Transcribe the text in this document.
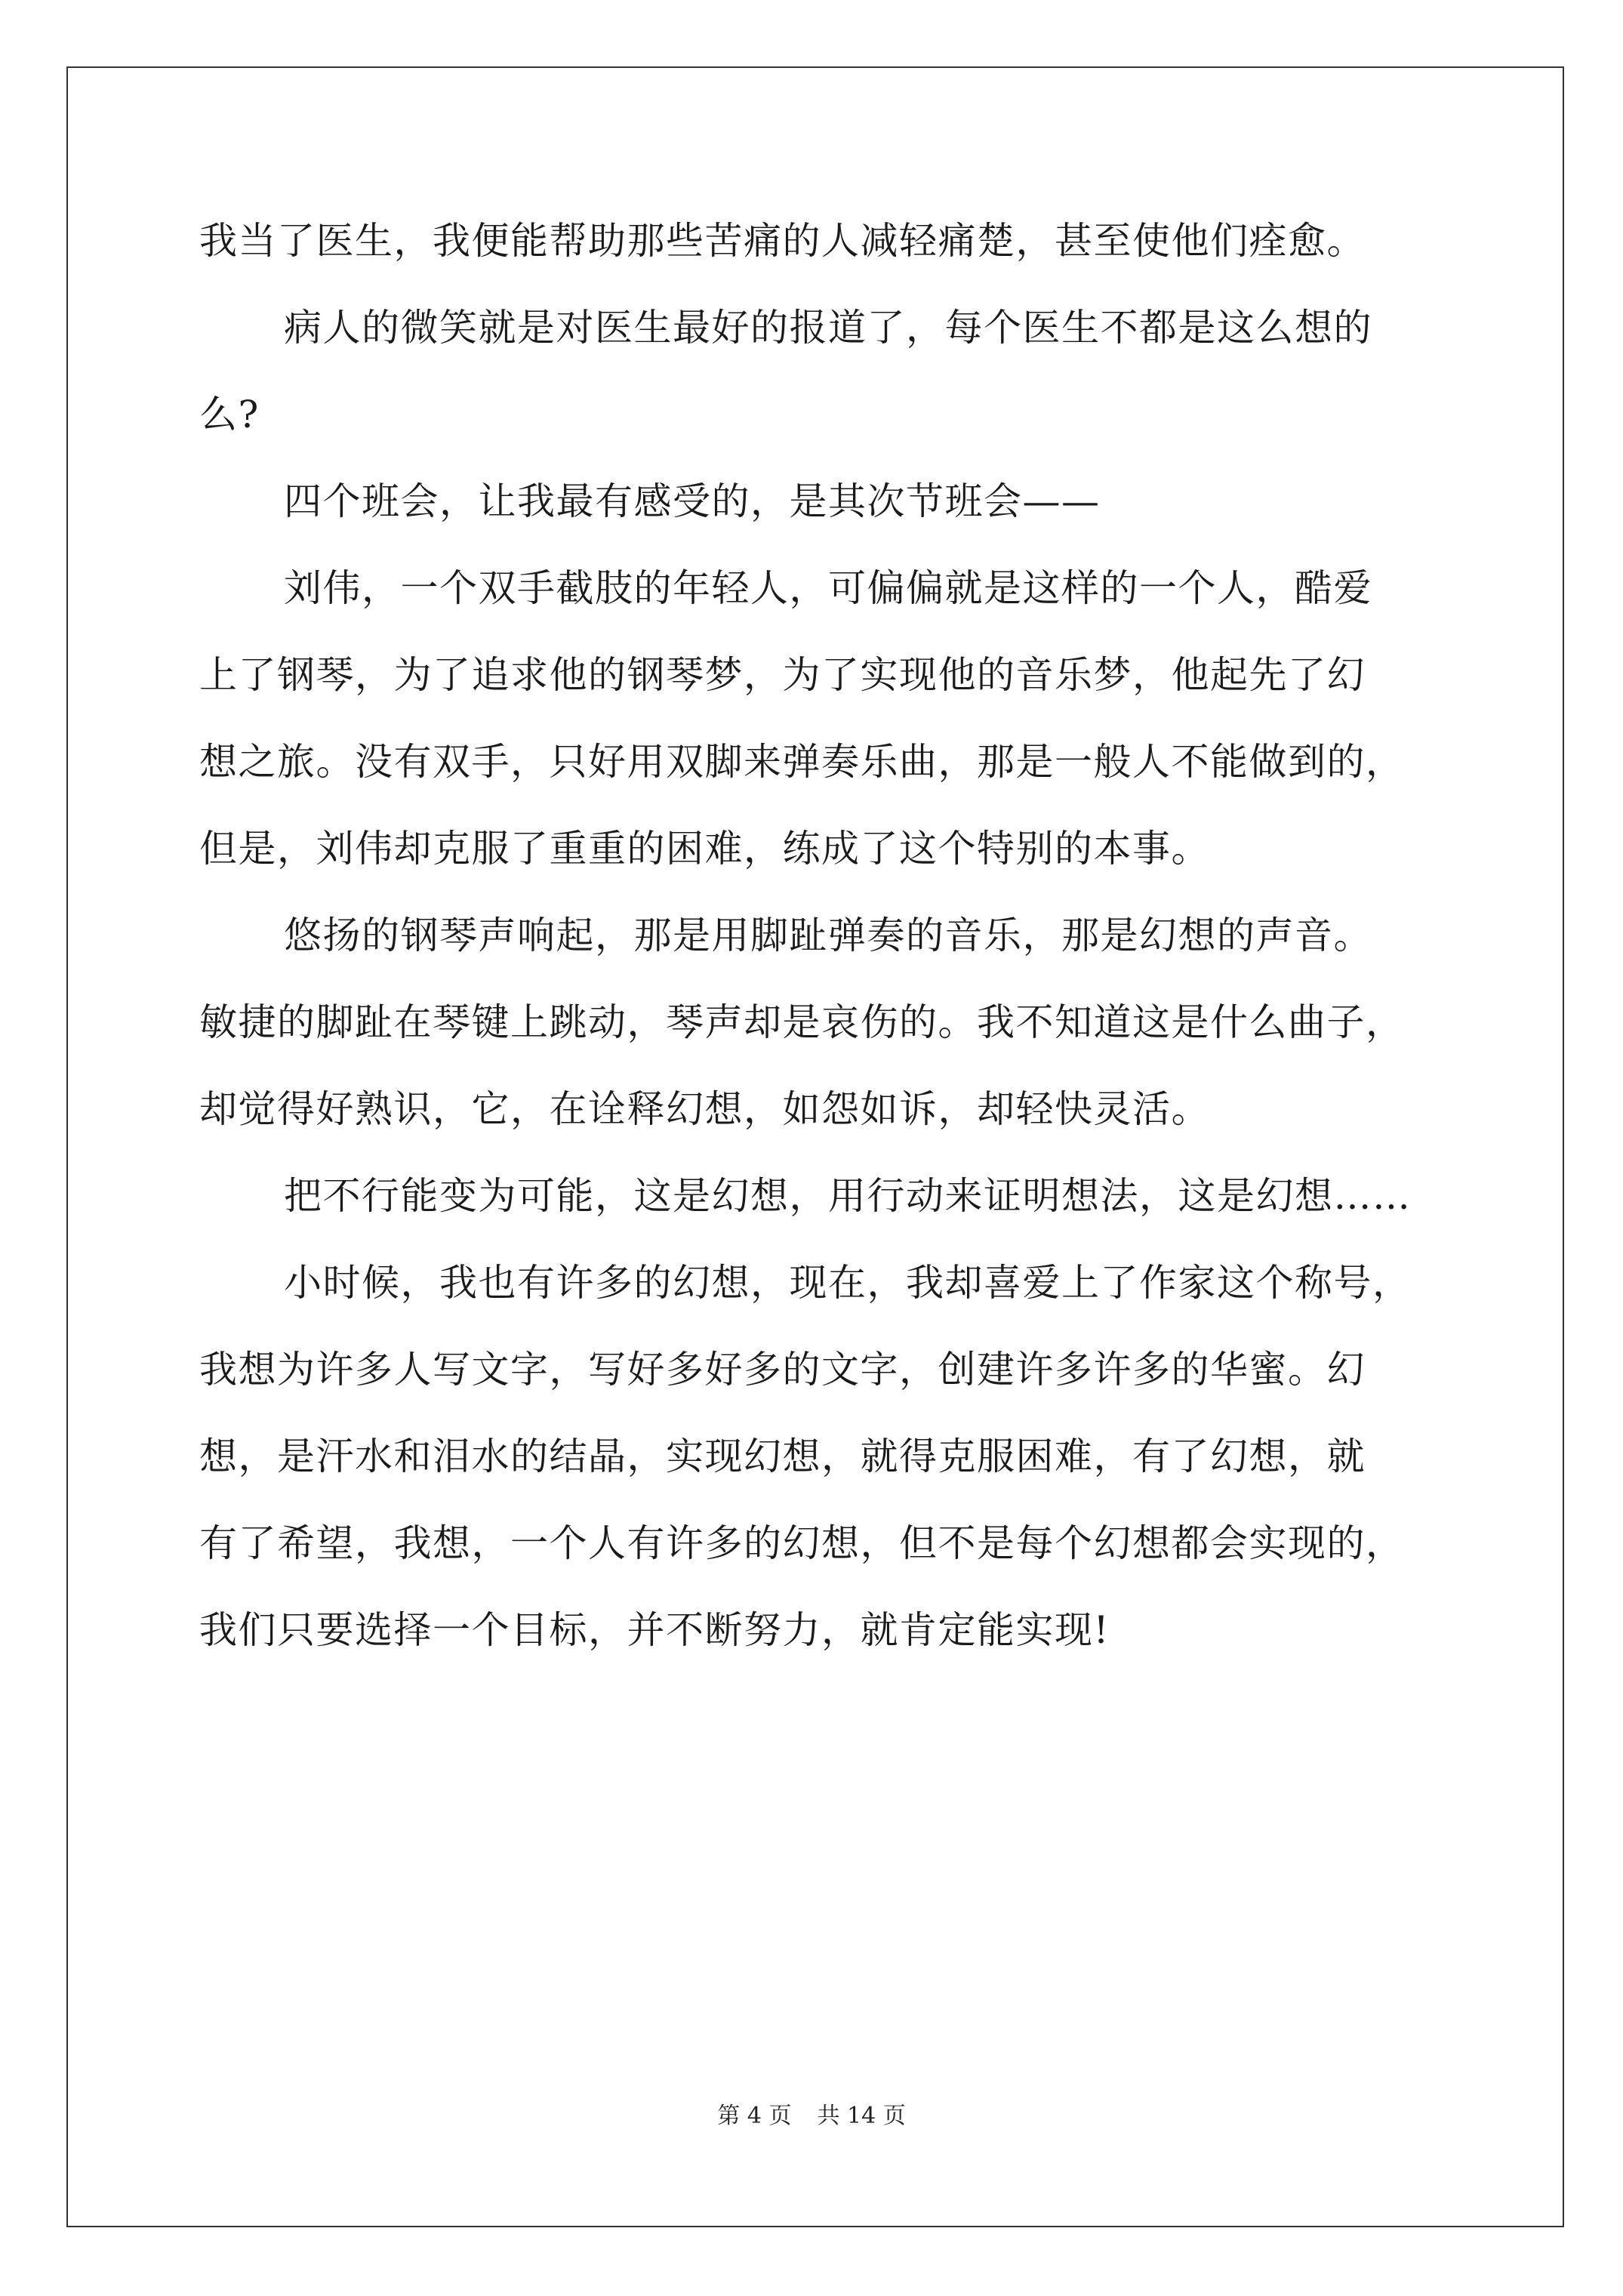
我当了医生，我便能帮助那些苦痛的人减轻痛楚，甚至使他们痊愈。
病人的微笑就是对医生最好的报道了，每个医生不都是这么想的
么?
四个班会，让我最有感受的，是其次节班会——
刘伟，一个双手截肢的年轻人，可偏偏就是这样的一个人，酷爱
上了钢琴，为了追求他的钢琴梦，为了实现他的音乐梦，他起先了幻
想之旅。没有双手，只好用双脚来弹奏乐曲，那是一般人不能做到的，
但是，刘伟却克服了重重的困难，练成了这个特别的本事。
悠扬的钢琴声响起，那是用脚趾弹奏的音乐，那是幻想的声音。
敏捷的脚趾在琴键上跳动，琴声却是哀伤的。我不知道这是什么曲子，
却觉得好熟识，它，在诠释幻想，如怨如诉，却轻快灵活。
把不行能变为可能，这是幻想，用行动来证明想法，这是幻想……
小时候，我也有许多的幻想，现在，我却喜爱上了作家这个称号，
我想为许多人写文字，写好多好多的文字，创建许多许多的华蜜。幻
想，是汗水和泪水的结晶，实现幻想，就得克服困难，有了幻想，就
有了希望，我想，一个人有许多的幻想，但不是每个幻想都会实现的，
我们只要选择一个目标，并不断努力，就肯定能实现!
第 4 页 共 14 页
